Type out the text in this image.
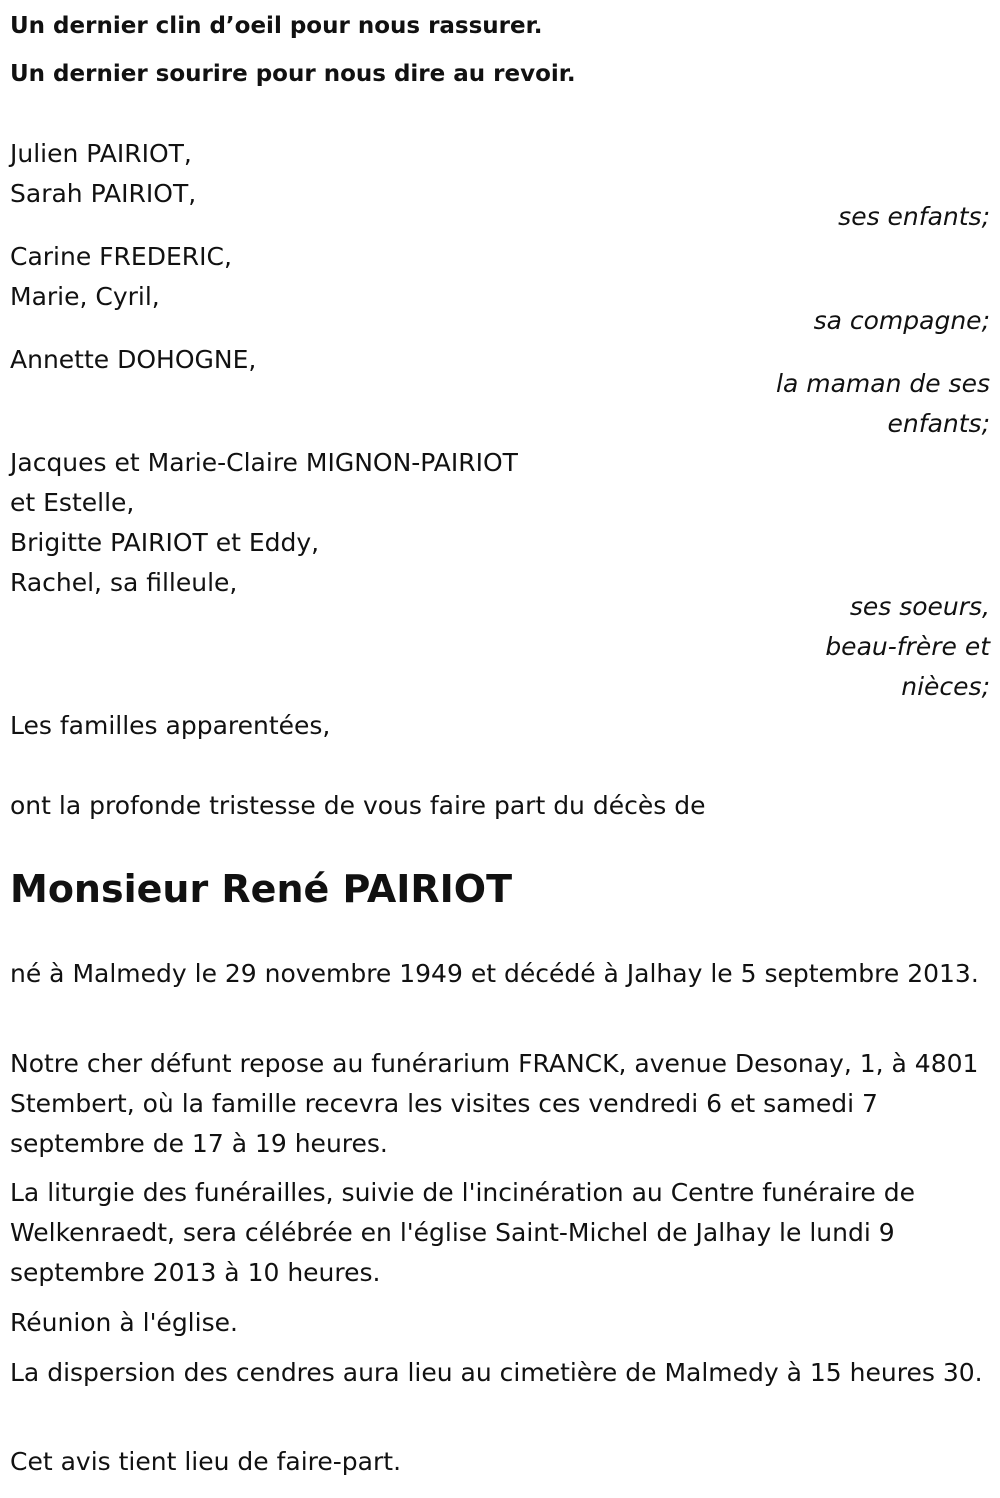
Un dernier clin d’oeil pour nous rassurer.

Un dernier sourire pour nous dire au revoir.

Julien PAIRIOT,
Sarah PAIRIOT,
ses enfants;
Carine FREDERIC,
Marie, Cyril,
sa compagne;
Annette DOHOGNE,
la maman de ses
enfants;
Jacques et Marie-Claire MIGNON-PAIRIOT
et Estelle,
Brigitte PAIRIOT et Eddy,
Rachel, sa filleule,
ses soeurs,
beau-frère et
nièces;
Les familles apparentées,
ont la profonde tristesse de vous faire part du décès de
Monsieur René PAIRIOT

né à Malmedy le 29 novembre 1949 et décédé à Jalhay le 5 septembre 2013.

Notre cher défunt repose au funérarium FRANCK, avenue Desonay, 1, à 4801 Stembert, où la famille recevra les visites ces vendredi 6 et samedi 7 septembre de 17 à 19 heures.

La liturgie des funérailles, suivie de l'incinération au Centre funéraire de Welkenraedt, sera célébrée en l'église Saint-Michel de Jalhay le lundi 9 septembre 2013 à 10 heures.

Réunion à l'église.

La dispersion des cendres aura lieu au cimetière de Malmedy à 15 heures 30.

Cet avis tient lieu de faire-part.
